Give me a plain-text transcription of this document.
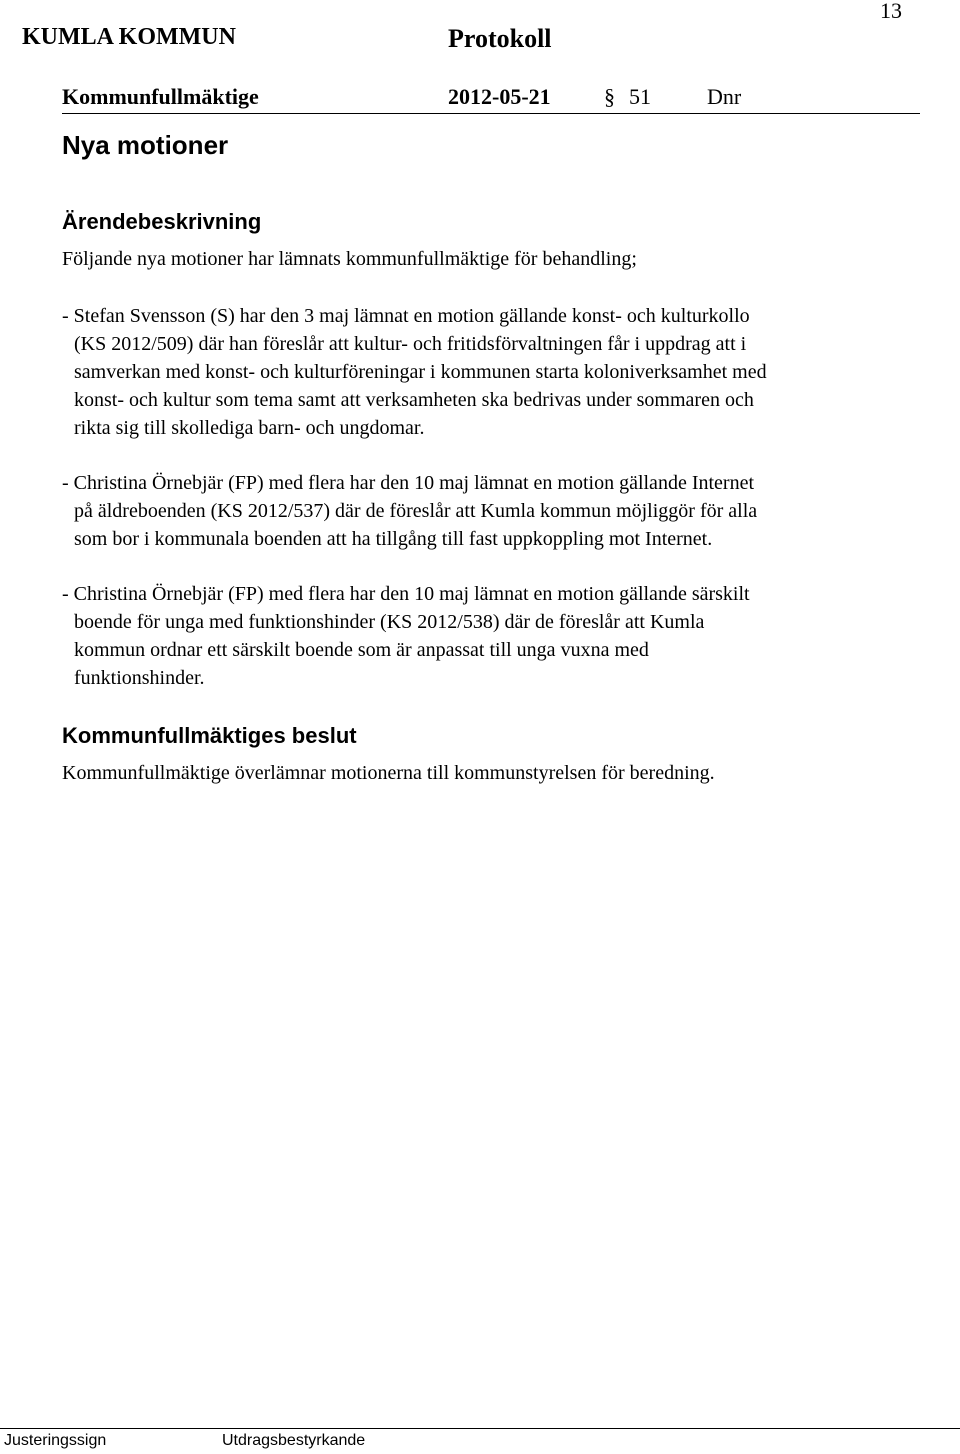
13
KUMLA KOMMUN	Protokoll
Kommunfullmäktige	2012-05-21 § 51	Dnr
Nya motioner
Ärendebeskrivning
Följande nya motioner har lämnats kommunfullmäktige för behandling;
- Stefan Svensson (S) har den 3 maj lämnat en motion gällande konst- och kulturkollo
(KS 2012/509) där han föreslår att kultur- och fritidsförvaltningen får i uppdrag att i
samverkan med konst- och kulturföreningar i kommunen starta koloniverksamhet med
konst- och kultur som tema samt att verksamheten ska bedrivas under sommaren och
rikta sig till skollediga barn- och ungdomar.
- Christina Örnebjär (FP) med flera har den 10 maj lämnat en motion gällande Internet
på äldreboenden (KS 2012/537) där de föreslår att Kumla kommun möjliggör för alla
som bor i kommunala boenden att ha tillgång till fast uppkoppling mot Internet.
- Christina Örnebjär (FP) med flera har den 10 maj lämnat en motion gällande särskilt
boende för unga med funktionshinder (KS 2012/538) där de föreslår att Kumla
kommun ordnar ett särskilt boende som är anpassat till unga vuxna med
funktionshinder.
Kommunfullmäktiges beslut
Kommunfullmäktige överlämnar motionerna till kommunstyrelsen för beredning.
Justeringssign	Utdragsbestyrkande
